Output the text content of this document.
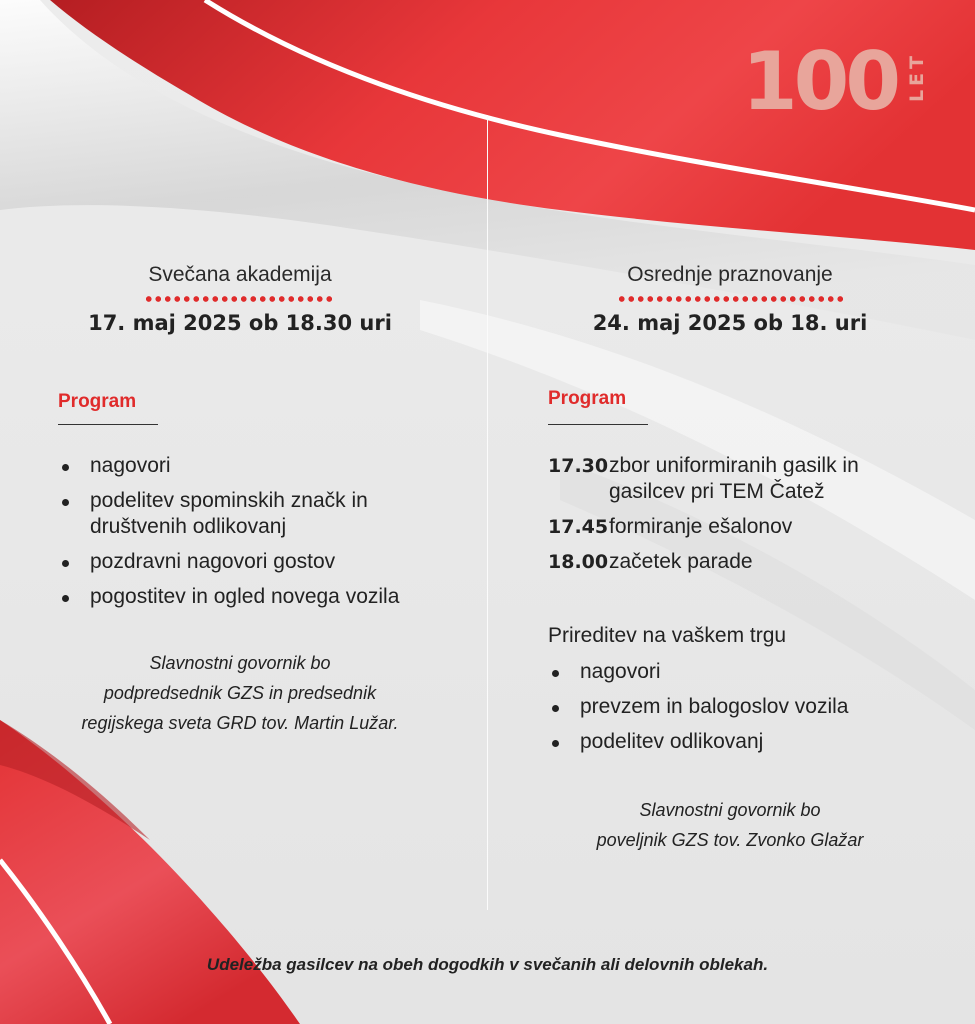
100 LET
Svečana akademija
17. maj 2025 ob 18.30 uri
Program
nagovori
podelitev spominskih značk in društvenih odlikovanj
pozdravni nagovori gostov
pogostitev in ogled novega vozila
Slavnostni govornik bo
podpredsednik GZS in predsednik
regijskega sveta GRD tov. Martin Lužar.
Osrednje praznovanje
24. maj 2025 ob 18. uri
Program
17.30 zbor uniformiranih gasilk in gasilcev pri TEM Čatež
17.45 formiranje ešalonov
18.00 začetek parade
Prireditev na vaškem trgu
nagovori
prevzem in balogoslov vozila
podelitev odlikovanj
Slavnostni govornik bo
poveljnik GZS tov. Zvonko Glažar
Udeležba gasilcev na obeh dogodkih v svečanih ali delovnih oblekah.
